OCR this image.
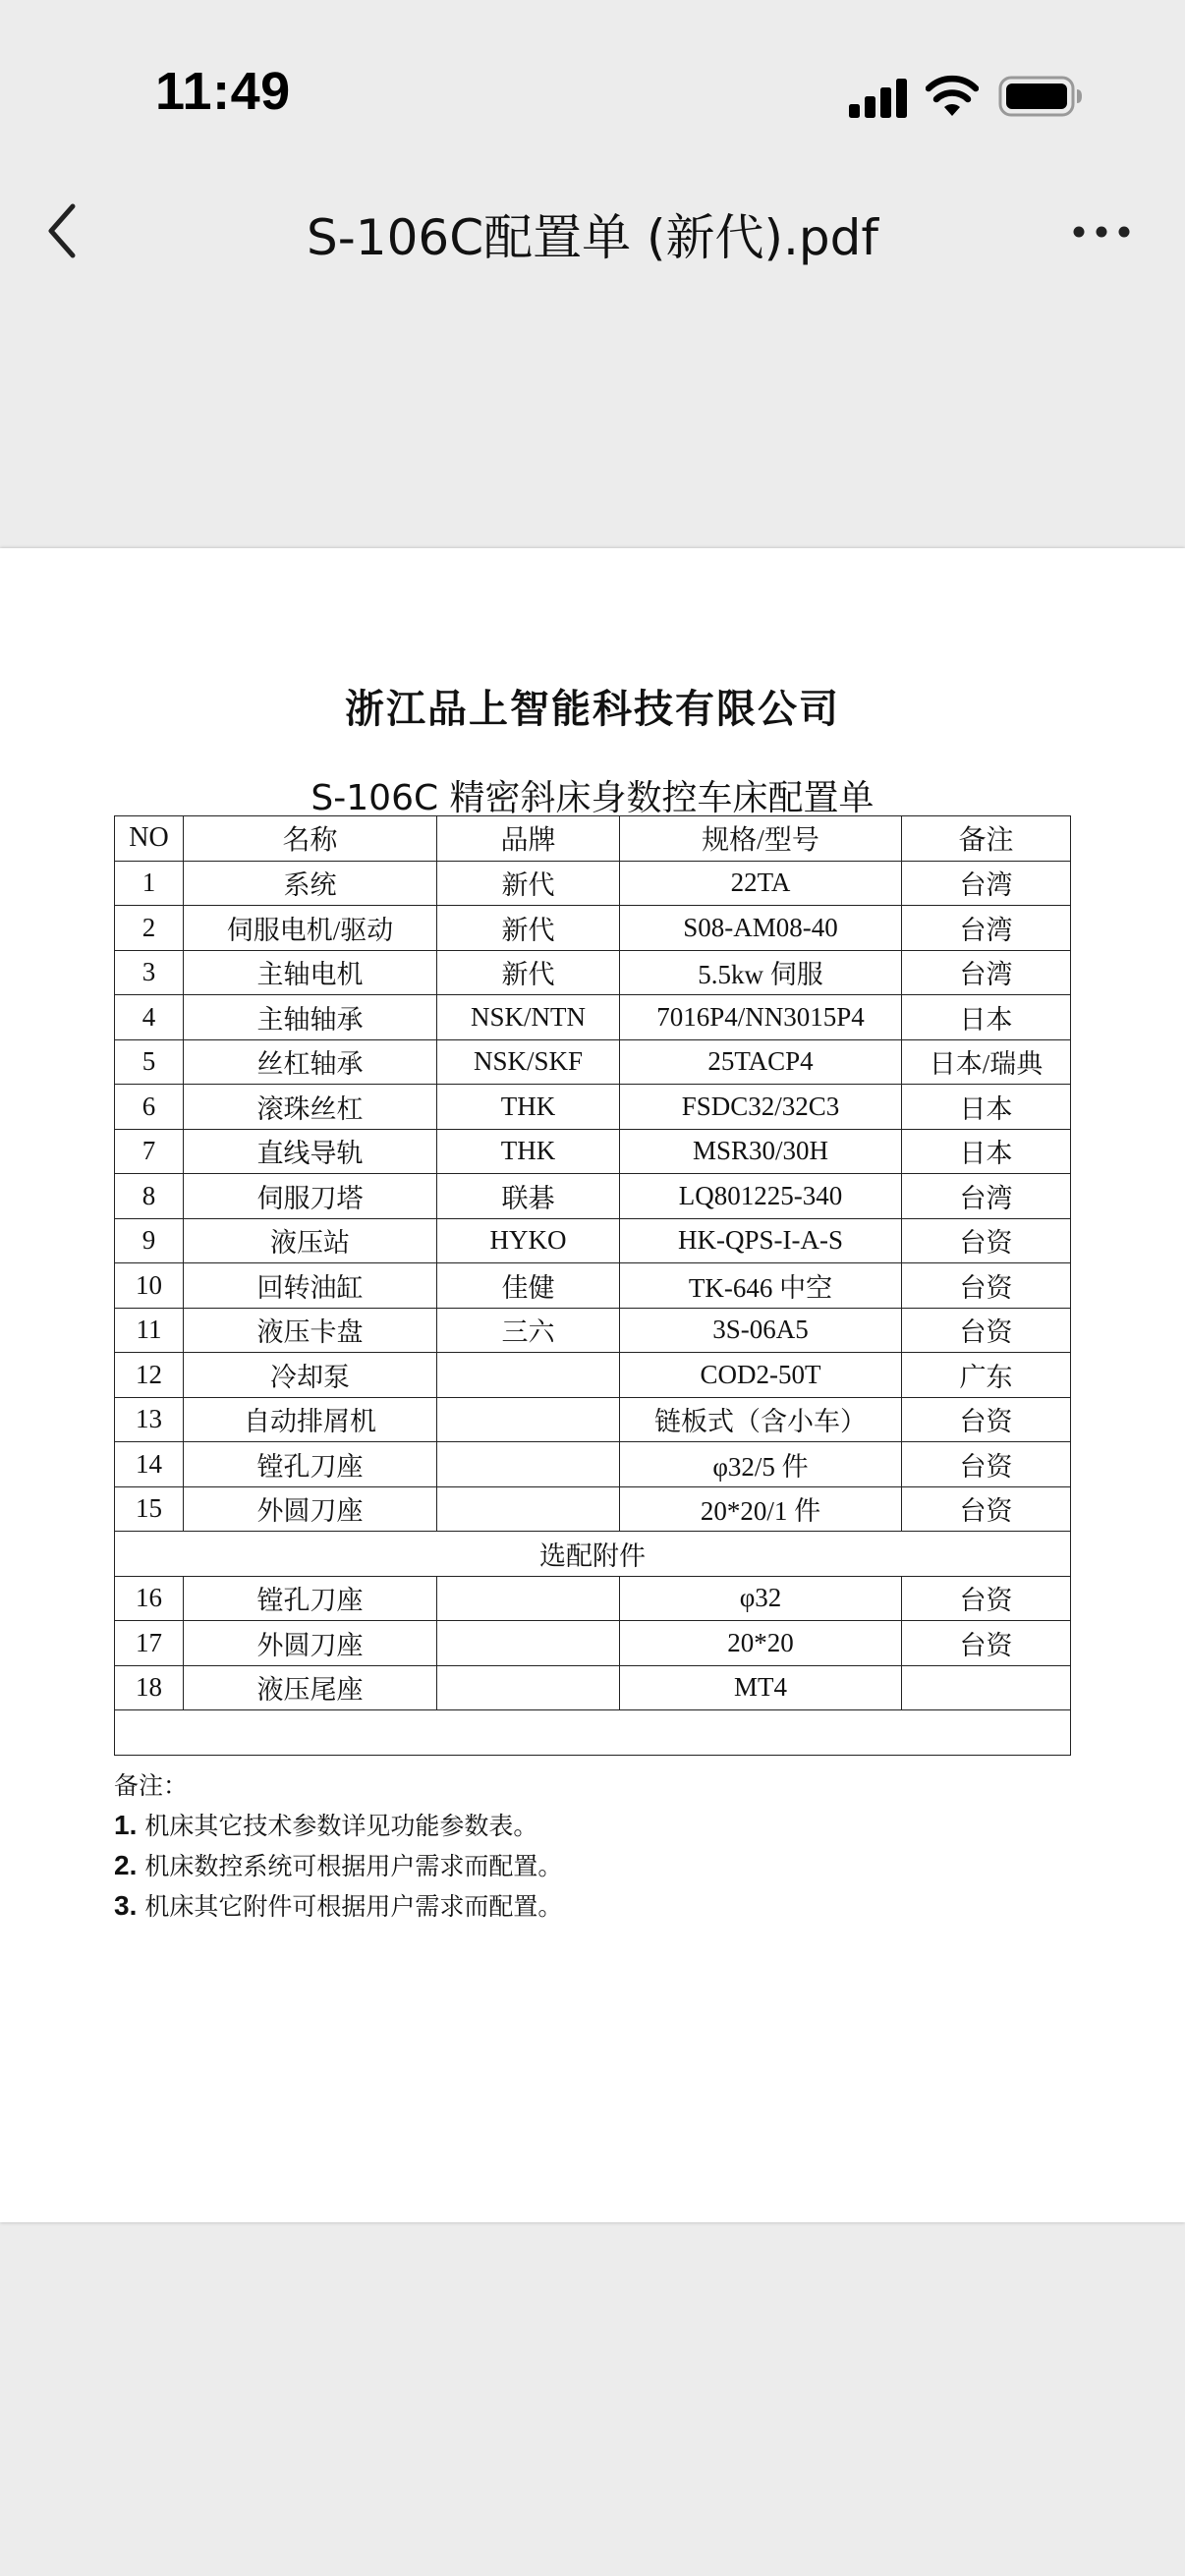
11:49
S-106C配置单 (新代).pdf
浙江品上智能科技有限公司
S-106C 精密斜床身数控车床配置单
NO	名称	品牌	规格/型号	备注
1	系统	新代	22TA	台湾
2	伺服电机/驱动	新代	S08-AM08-40	台湾
3	主轴电机	新代	5.5kw 伺服	台湾
4	主轴轴承	NSK/NTN	7016P4/NN3015P4	日本
5	丝杠轴承	NSK/SKF	25TACP4	日本/瑞典
6	滚珠丝杠	THK	FSDC32/32C3	日本
7	直线导轨	THK	MSR30/30H	日本
8	伺服刀塔	联碁	LQ801225-340	台湾
9	液压站	HYKO	HK-QPS-I-A-S	台资
10	回转油缸	佳健	TK-646 中空	台资
11	液压卡盘	三六	3S-06A5	台资
12	冷却泵		COD2-50T	广东
13	自动排屑机		链板式（含小车）	台资
14	镗孔刀座		φ32/5 件	台资
15	外圆刀座		20*20/1 件	台资
选配附件				
16	镗孔刀座		φ32	台资
17	外圆刀座		20*20	台资
18	液压尾座		MT4	

备注：
1. 机床其它技术参数详见功能参数表。
2. 机床数控系统可根据用户需求而配置。
3. 机床其它附件可根据用户需求而配置。
